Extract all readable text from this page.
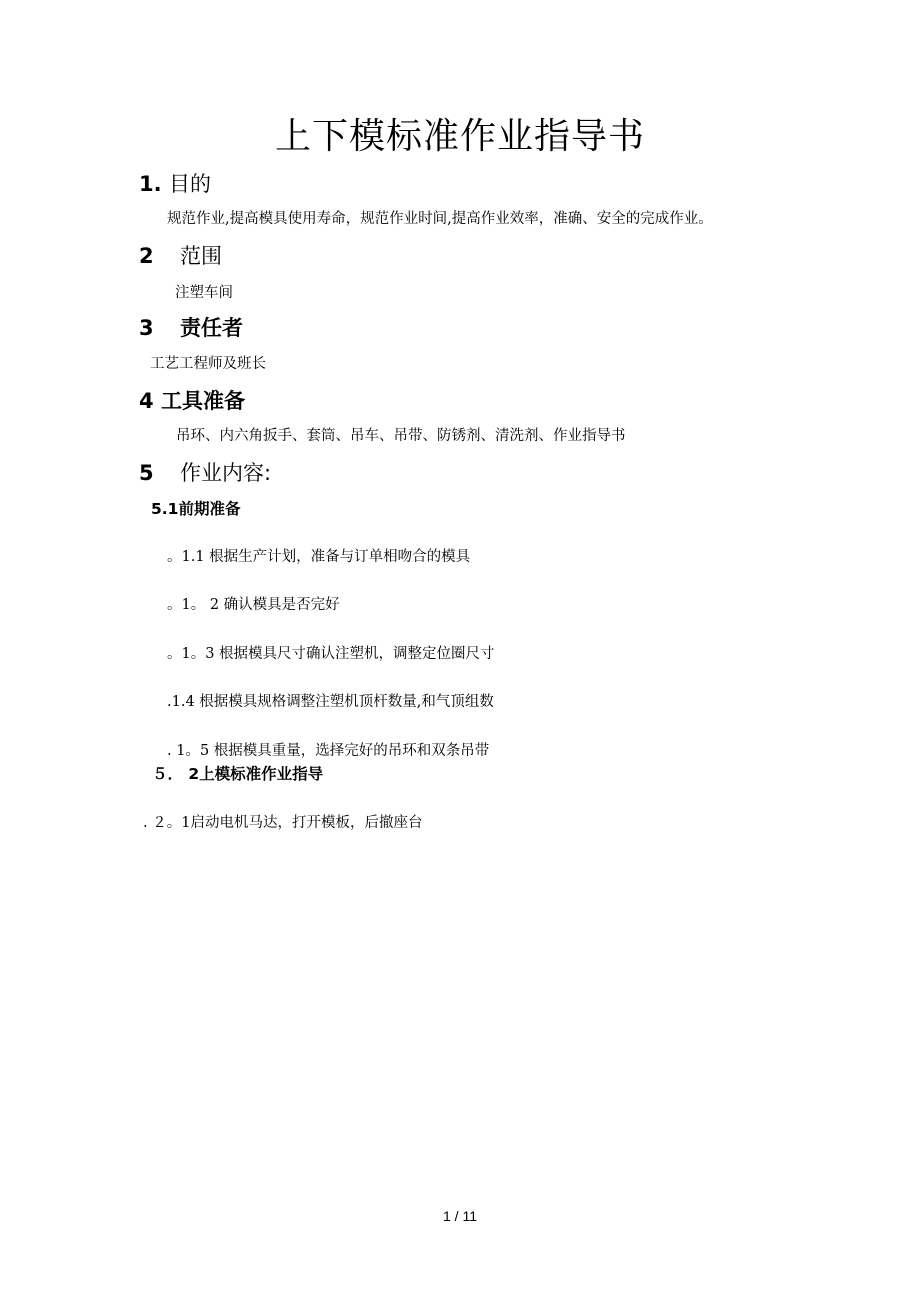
上下模标准作业指导书
1. 目的
规范作业,提高模具使用寿命，规范作业时间,提高作业效率，准确、安全的完成作业。
2 范围
注塑车间
3 责任者
工艺工程师及班长
4 工具准备
吊环、内六角扳手、套筒、吊车、吊带、防锈剂、清洗剂、作业指导书
5 作业内容:
5.1前期准备
。1.1 根据生产计划，准备与订单相吻合的模具
。1。 2 确认模具是否完好
。1。3 根据模具尺寸确认注塑机，调整定位圈尺寸
.1.4 根据模具规格调整注塑机顶杆数量,和气顶组数
. 1。5 根据模具重量，选择完好的吊环和双条吊带
５． 2上模标准作业指导
. ２。1启动电机马达，打开模板，后撤座台
1 / 11
